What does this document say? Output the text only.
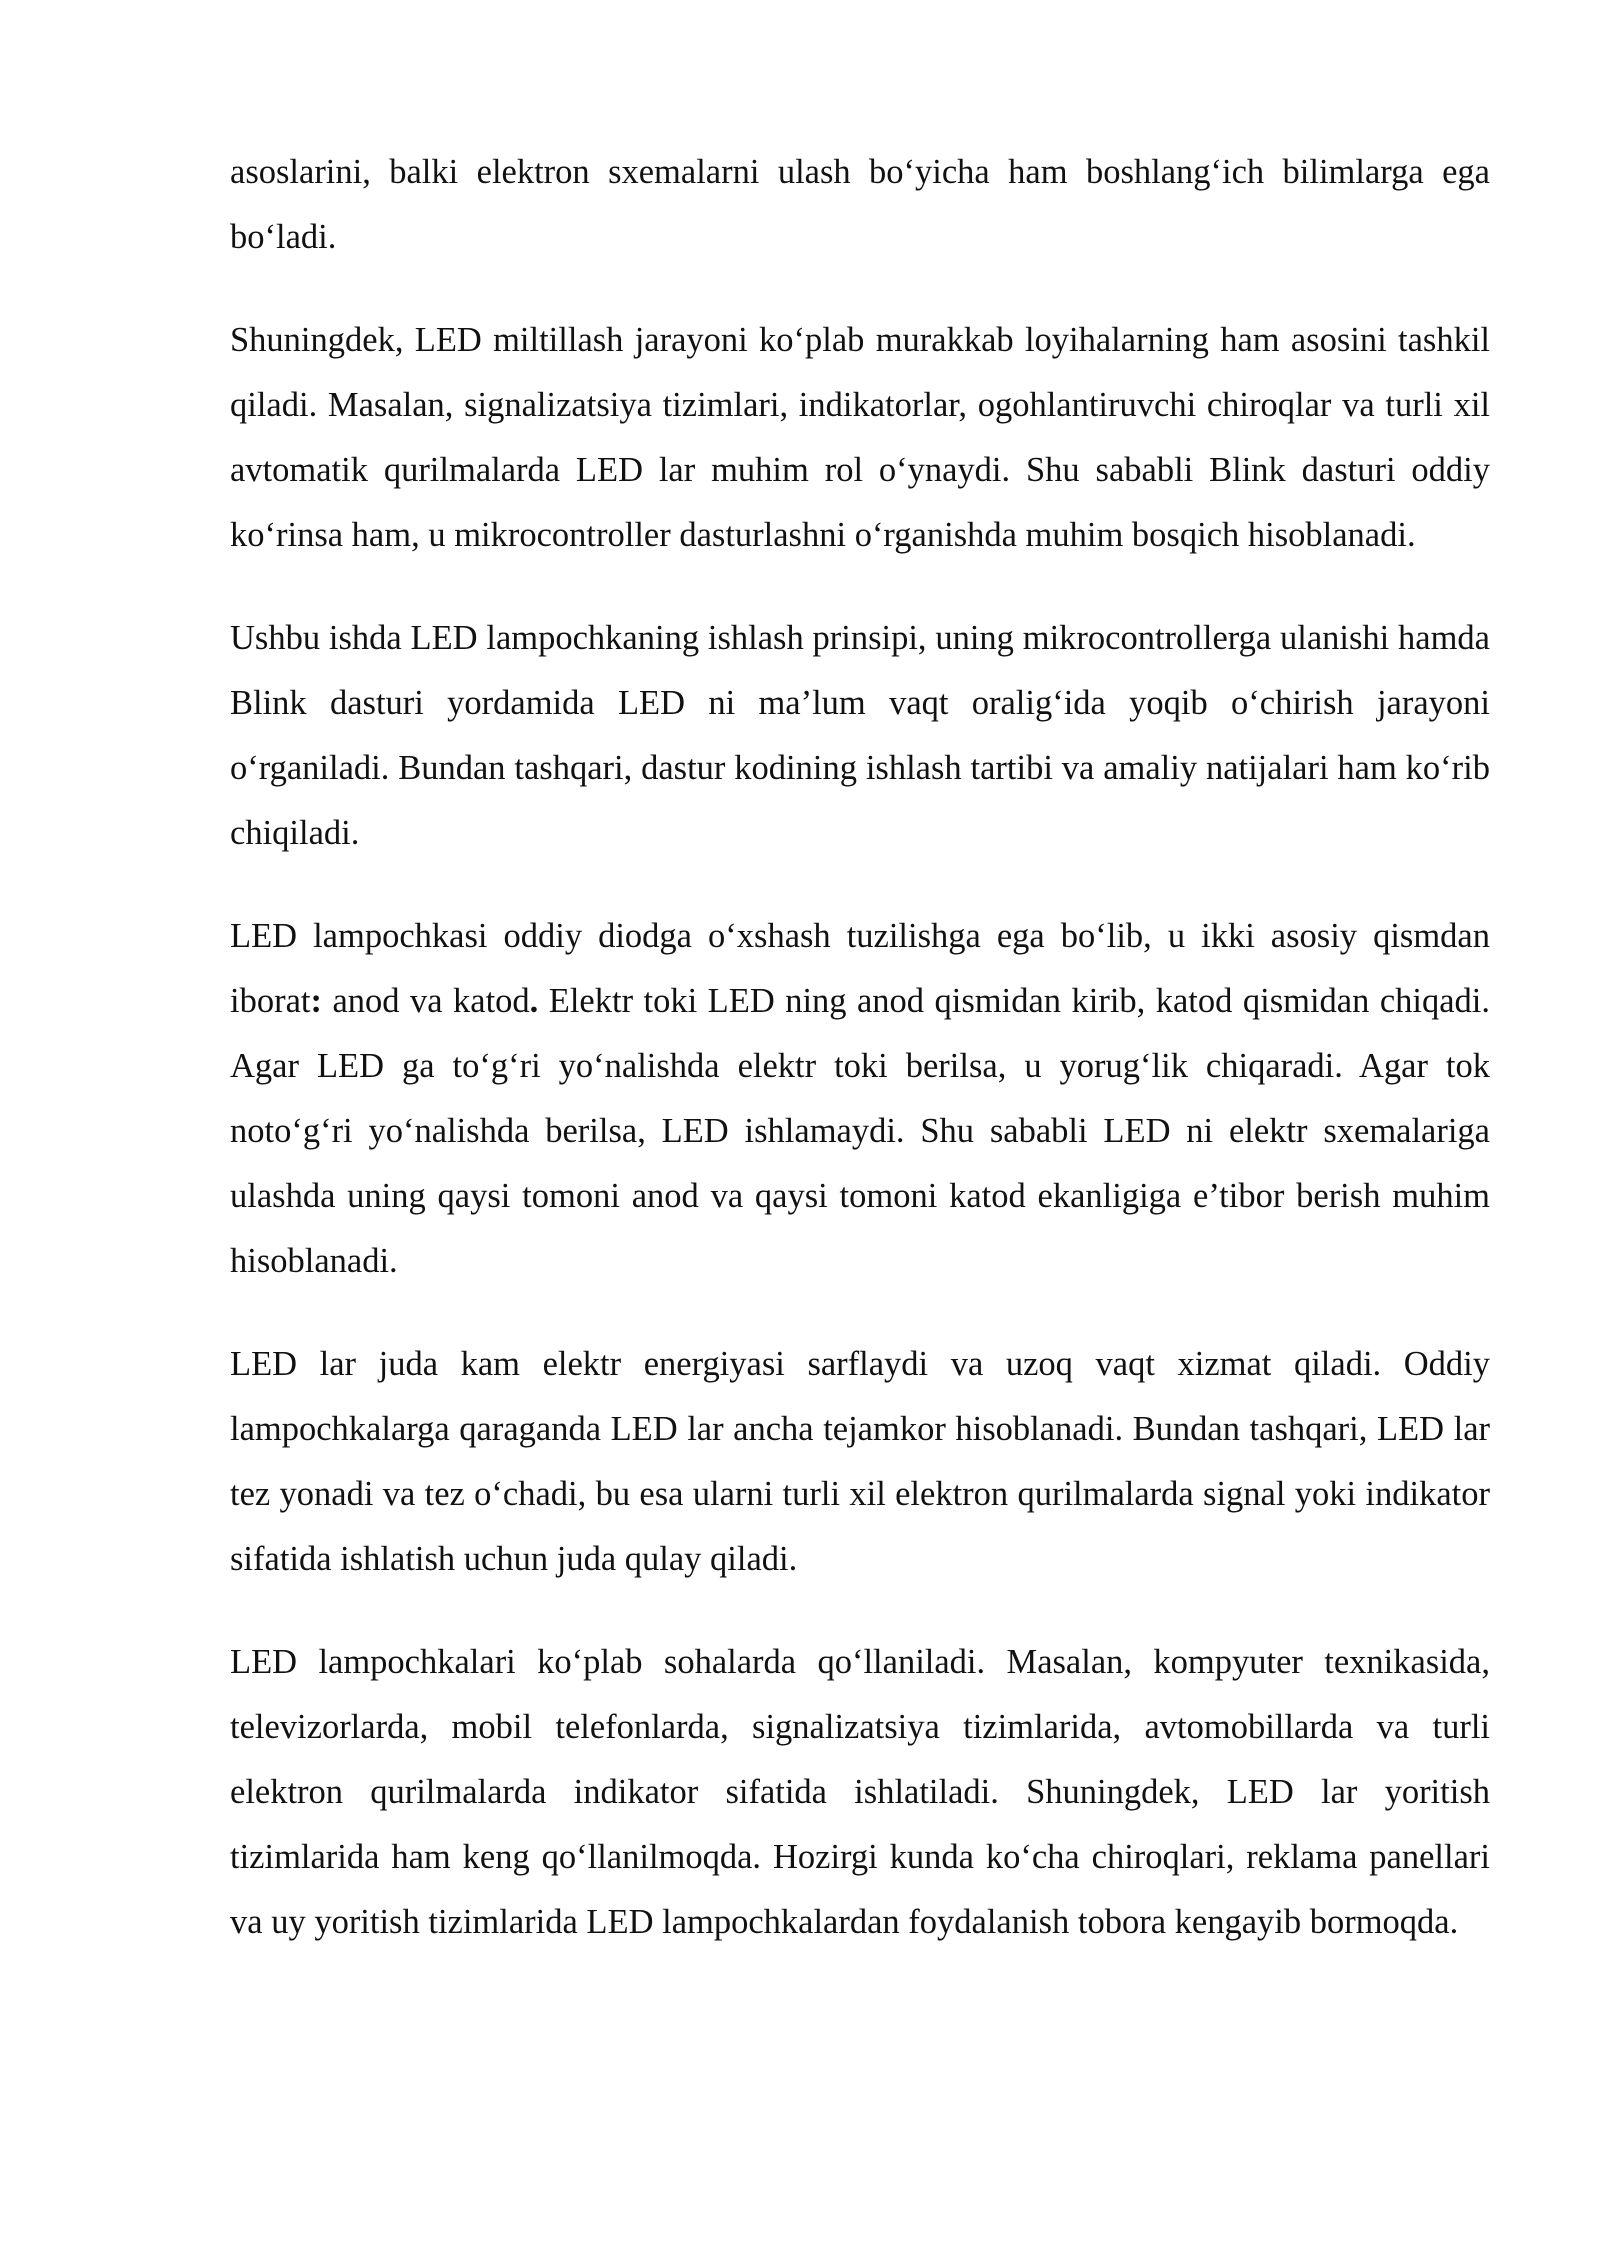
asoslarini, balki elektron sxemalarni ulash bo‘yicha ham boshlang‘ich bilimlarga ega bo‘ladi.

Shuningdek, LED miltillash jarayoni ko‘plab murakkab loyihalarning ham asosini tashkil qiladi. Masalan, signalizatsiya tizimlari, indikatorlar, ogohlantiruvchi chiroqlar va turli xil avtomatik qurilmalarda LED lar muhim rol o‘ynaydi. Shu sababli Blink dasturi oddiy ko‘rinsa ham, u mikrocontroller dasturlashni o‘rganishda muhim bosqich hisoblanadi.

Ushbu ishda LED lampochkaning ishlash prinsipi, uning mikrocontrollerga ulanishi hamda Blink dasturi yordamida LED ni ma’lum vaqt oralig‘ida yoqib o‘chirish jarayoni o‘rganiladi. Bundan tashqari, dastur kodining ishlash tartibi va amaliy natijalari ham ko‘rib chiqiladi.

LED lampochkasi oddiy diodga o‘xshash tuzilishga ega bo‘lib, u ikki asosiy qismdan iborat: anod va katod. Elektr toki LED ning anod qismidan kirib, katod qismidan chiqadi. Agar LED ga to‘g‘ri yo‘nalishda elektr toki berilsa, u yorug‘lik chiqaradi. Agar tok noto‘g‘ri yo‘nalishda berilsa, LED ishlamaydi. Shu sababli LED ni elektr sxemalariga ulashda uning qaysi tomoni anod va qaysi tomoni katod ekanligiga e’tibor berish muhim hisoblanadi.

LED lar juda kam elektr energiyasi sarflaydi va uzoq vaqt xizmat qiladi. Oddiy lampochkalarga qaraganda LED lar ancha tejamkor hisoblanadi. Bundan tashqari, LED lar tez yonadi va tez o‘chadi, bu esa ularni turli xil elektron qurilmalarda signal yoki indikator sifatida ishlatish uchun juda qulay qiladi.

LED lampochkalari ko‘plab sohalarda qo‘llaniladi. Masalan, kompyuter texnikasida, televizorlarda, mobil telefonlarda, signalizatsiya tizimlarida, avtomobillarda va turli elektron qurilmalarda indikator sifatida ishlatiladi. Shuningdek, LED lar yoritish tizimlarida ham keng qo‘llanilmoqda. Hozirgi kunda ko‘cha chiroqlari, reklama panellari va uy yoritish tizimlarida LED lampochkalardan foydalanish tobora kengayib bormoqda.
